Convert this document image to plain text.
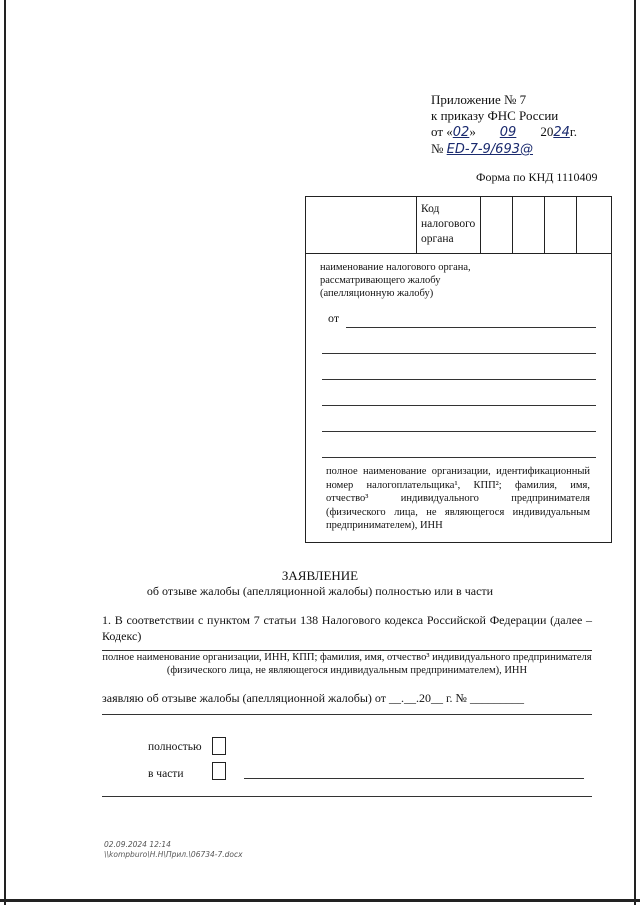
Приложение № 7
к приказу ФНС России
от «02» 09 2024г.
№ ED-7-9/693@
Форма по КНД 1110409
Код налогового органа
наименование налогового органа, рассматривающего жалобу (апелляционную жалобу)
от
полное наименование организации, идентификационный номер налогоплательщика¹, КПП²; фамилия, имя, отчество³ индивидуального предпринимателя (физического лица, не являющегося индивидуальным предпринимателем), ИНН
ЗАЯВЛЕНИЕ
об отзыве жалобы (апелляционной жалобы) полностью или в части
1. В соответствии с пунктом 7 статьи 138 Налогового кодекса Российской Федерации (далее – Кодекс)
полное наименование организации, ИНН, КПП; фамилия, имя, отчество³ индивидуального предпринимателя (физического лица, не являющегося индивидуальным предпринимателем), ИНН
заявляю об отзыве жалобы (апелляционной жалобы) от __.__.20__ г. № _________
полностью
в части
02.09.2024 12:14
\\kompburo\Н.Н\Прил.\06734-7.docx
